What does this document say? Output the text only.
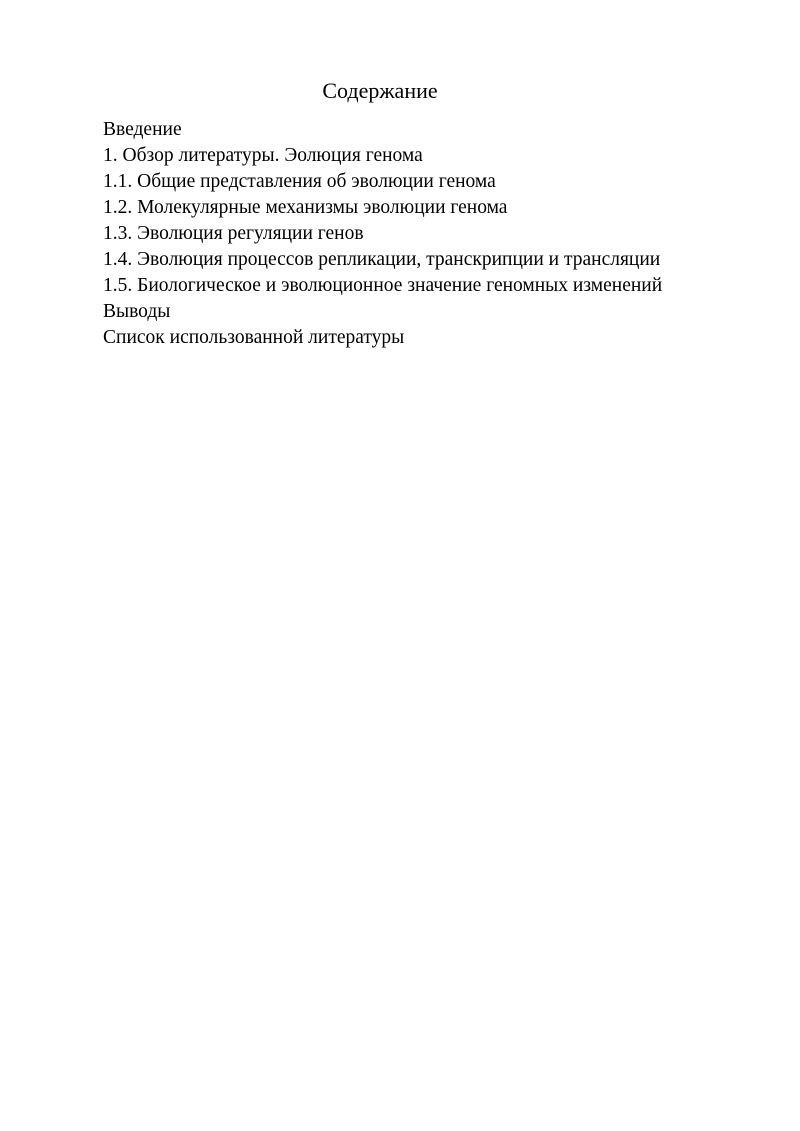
Содержание
Введение
1. Обзор литературы. Эолюция генома
1.1. Общие представления об эволюции генома
1.2. Молекулярные механизмы эволюции генома
1.3. Эволюция регуляции генов
1.4. Эволюция процессов репликации, транскрипции и трансляции
1.5. Биологическое и эволюционное значение геномных изменений
Выводы
Список использованной литературы
